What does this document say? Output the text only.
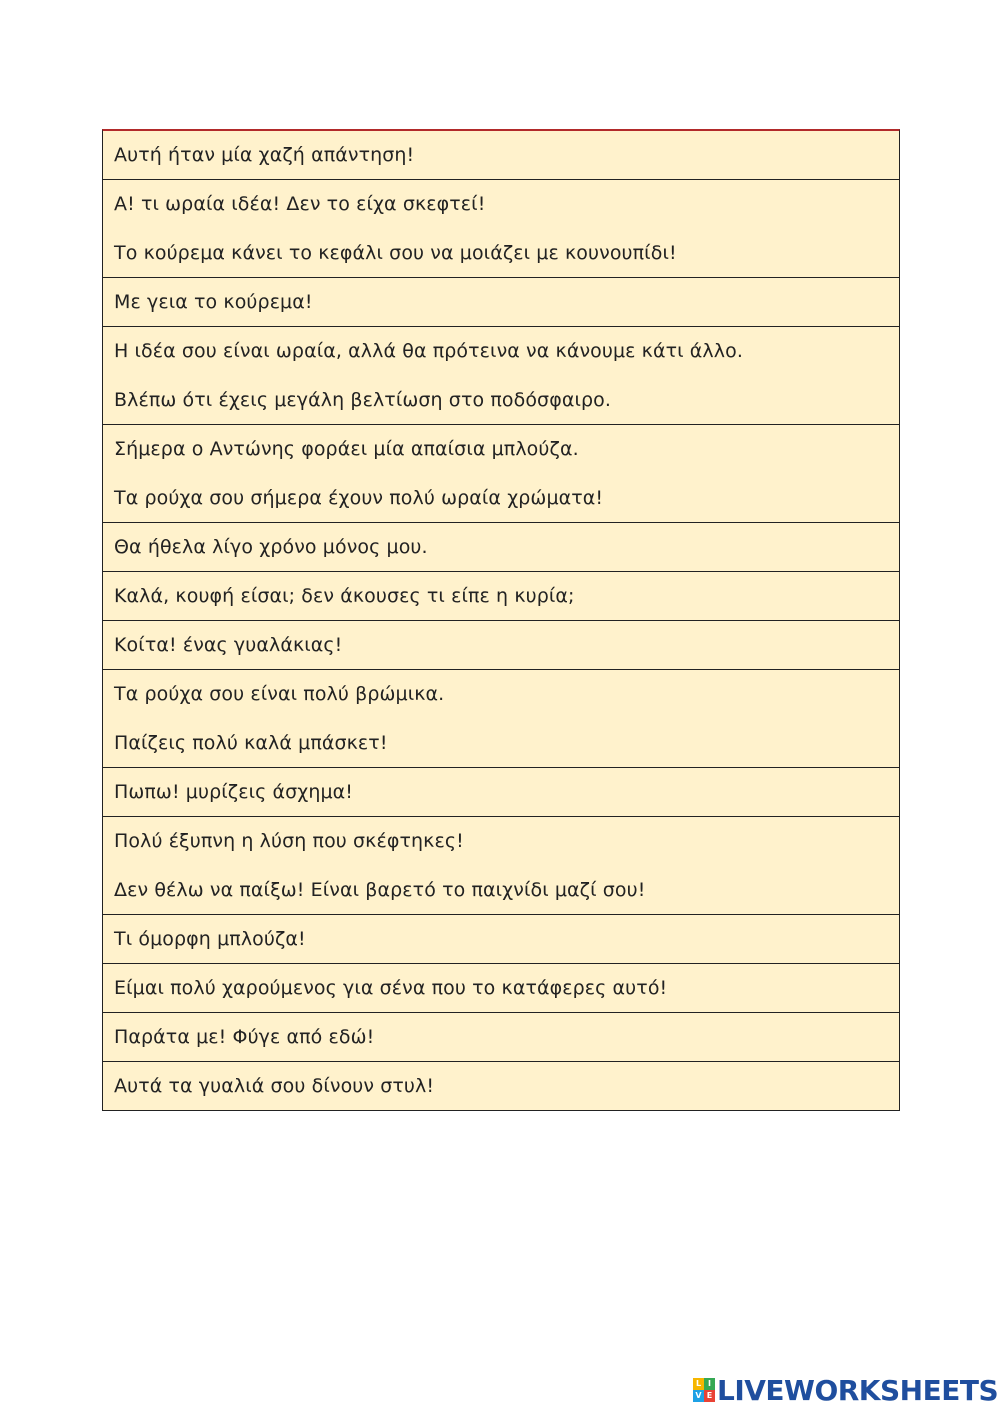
Αυτή ήταν μία χαζή απάντηση!
Α! τι ωραία ιδέα! Δεν το είχα σκεφτεί!
Το κούρεμα κάνει το κεφάλι σου να μοιάζει με κουνουπίδι!
Με γεια το κούρεμα!
Η ιδέα σου είναι ωραία, αλλά θα πρότεινα να κάνουμε κάτι άλλο.
Βλέπω ότι έχεις μεγάλη βελτίωση στο ποδόσφαιρο.
Σήμερα ο Αντώνης φοράει μία απαίσια μπλούζα.
Τα ρούχα σου σήμερα έχουν πολύ ωραία χρώματα!
Θα ήθελα λίγο χρόνο μόνος μου.
Καλά, κουφή είσαι; δεν άκουσες τι είπε η κυρία;
Κοίτα! ένας γυαλάκιας!
Τα ρούχα σου είναι πολύ βρώμικα.
Παίζεις πολύ καλά μπάσκετ!
Πωπω! μυρίζεις άσχημα!
Πολύ έξυπνη η λύση που σκέφτηκες!
Δεν θέλω να παίξω! Είναι βαρετό το παιχνίδι μαζί σου!
Τι όμορφη μπλούζα!
Είμαι πολύ χαρούμενος για σένα που το κατάφερες αυτό!
Παράτα με! Φύγε από εδώ!
Αυτά τα γυαλιά σου δίνουν στυλ!
L I
V E LIVEWORKSHEETS
